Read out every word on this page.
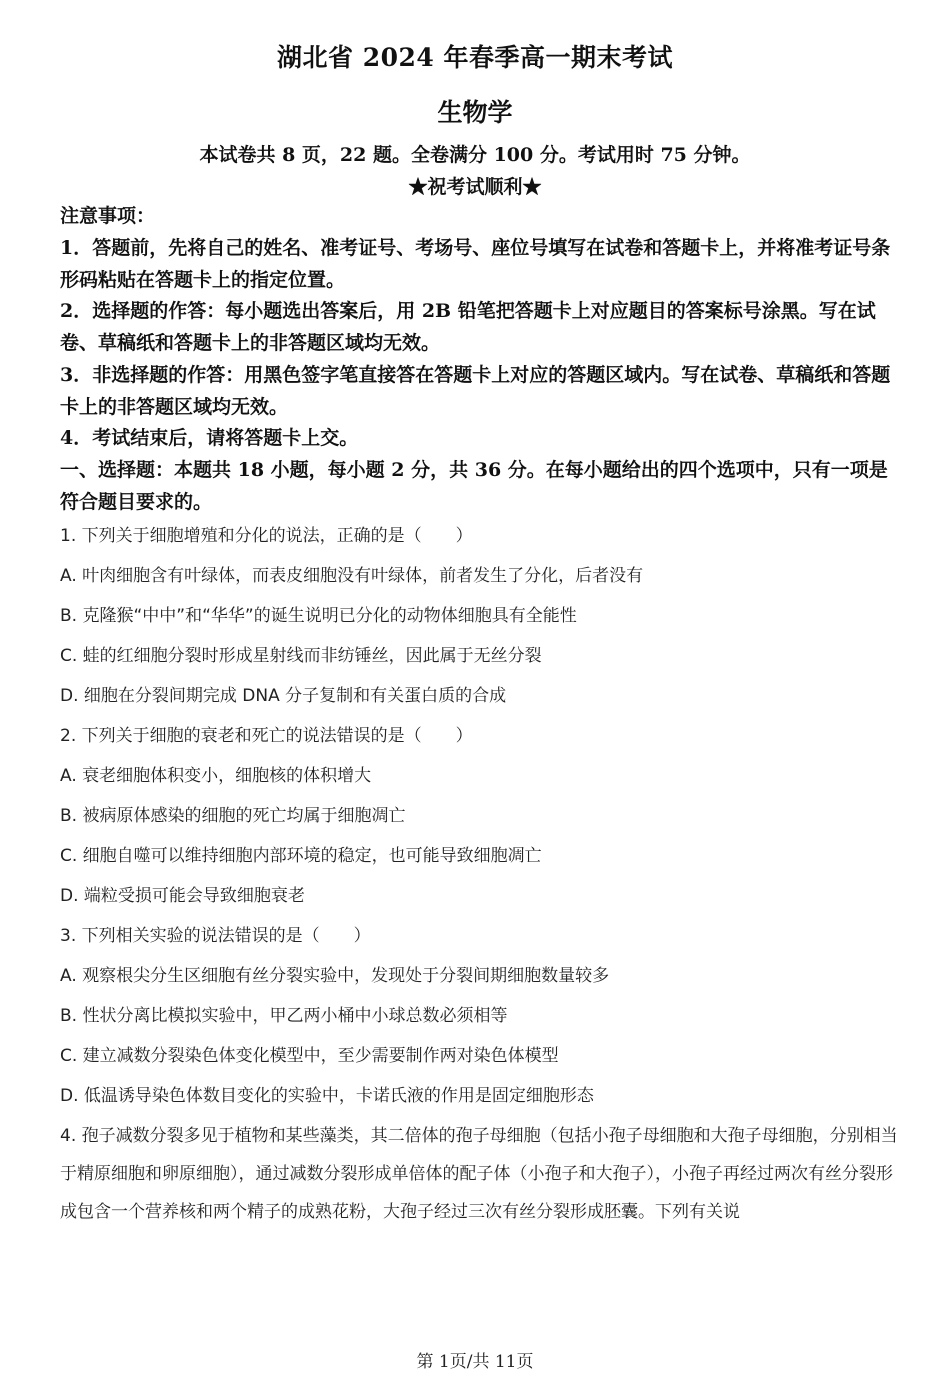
湖北省 2024 年春季高一期末考试
生物学
本试卷共 8 页，22 题。全卷满分 100 分。考试用时 75 分钟。
★祝考试顺利★
注意事项：
1．答题前，先将自己的姓名、准考证号、考场号、座位号填写在试卷和答题卡上，并将准考证号条形码粘贴在答题卡上的指定位置。
2．选择题的作答：每小题选出答案后，用 2B 铅笔把答题卡上对应题目的答案标号涂黑。写在试卷、草稿纸和答题卡上的非答题区域均无效。
3．非选择题的作答：用黑色签字笔直接答在答题卡上对应的答题区域内。写在试卷、草稿纸和答题卡上的非答题区域均无效。
4．考试结束后，请将答题卡上交。
一、选择题：本题共 18 小题，每小题 2 分，共 36 分。在每小题给出的四个选项中，只有一项是符合题目要求的。
1. 下列关于细胞增殖和分化的说法，正确的是（　　）
A. 叶肉细胞含有叶绿体，而表皮细胞没有叶绿体，前者发生了分化，后者没有
B. 克隆猴“中中”和“华华”的诞生说明已分化的动物体细胞具有全能性
C. 蛙的红细胞分裂时形成星射线而非纺锤丝，因此属于无丝分裂
D. 细胞在分裂间期完成 DNA 分子复制和有关蛋白质的合成
2. 下列关于细胞的衰老和死亡的说法错误的是（　　）
A. 衰老细胞体积变小，细胞核的体积增大
B. 被病原体感染的细胞的死亡均属于细胞凋亡
C. 细胞自噬可以维持细胞内部环境的稳定，也可能导致细胞凋亡
D. 端粒受损可能会导致细胞衰老
3. 下列相关实验的说法错误的是（　　）
A. 观察根尖分生区细胞有丝分裂实验中，发现处于分裂间期细胞数量较多
B. 性状分离比模拟实验中，甲乙两小桶中小球总数必须相等
C. 建立减数分裂染色体变化模型中，至少需要制作两对染色体模型
D. 低温诱导染色体数目变化的实验中，卡诺氏液的作用是固定细胞形态
4. 孢子减数分裂多见于植物和某些藻类，其二倍体的孢子母细胞（包括小孢子母细胞和大孢子母细胞，分别相当于精原细胞和卵原细胞），通过减数分裂形成单倍体的配子体（小孢子和大孢子），小孢子再经过两次有丝分裂形成包含一个营养核和两个精子的成熟花粉，大孢子经过三次有丝分裂形成胚囊。下列有关说
第 1页/共 11页
